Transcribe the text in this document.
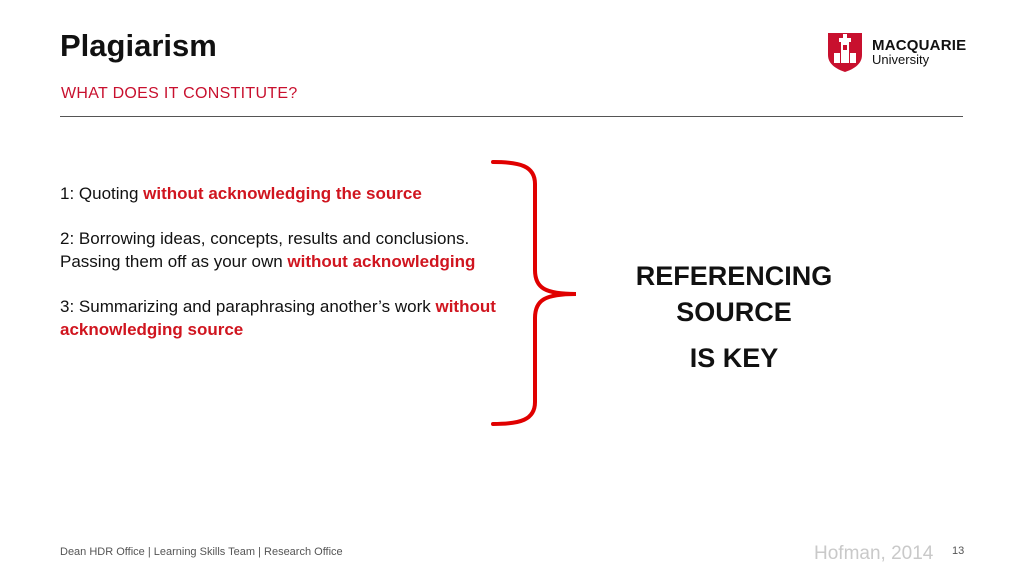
Plagiarism
WHAT DOES IT CONSTITUTE?
MACQUARIE
University

1: Quoting without acknowledging the source

2: Borrowing ideas, concepts, results and conclusions. Passing them off as your own without acknowledging

3: Summarizing and paraphrasing another’s work without acknowledging source

REFERENCING
SOURCE
IS KEY
Dean HDR Office | Learning Skills Team | Research Office	Hofman, 2014 13
